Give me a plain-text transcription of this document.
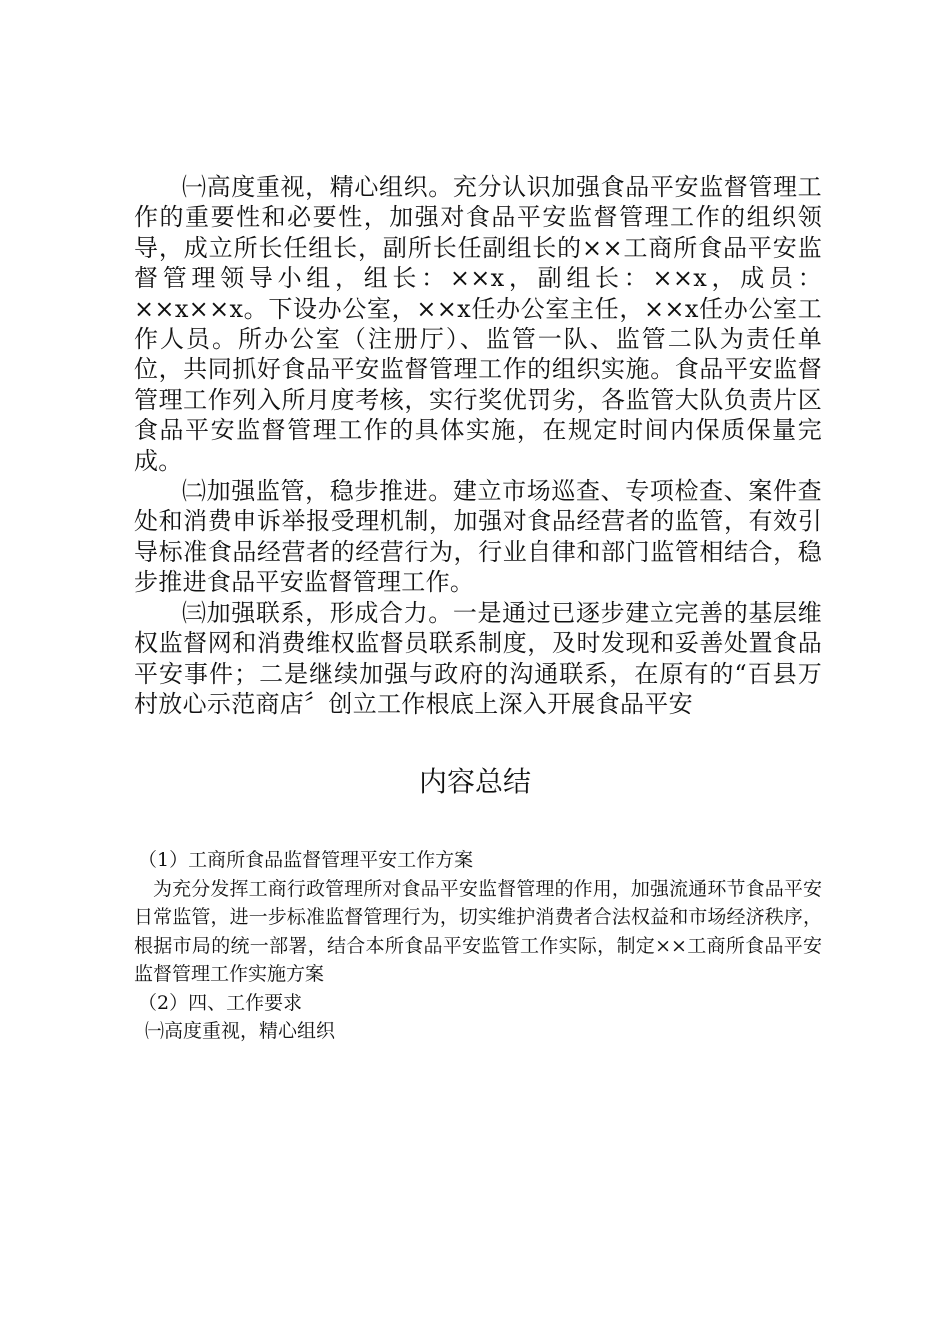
㈠高度重视，精心组织。充分认识加强食品平安监督管理工作的重要性和必要性，加强对食品平安监督管理工作的组织领导，成立所长任组长，副所长任副组长的××工商所食品平安监督管理领导小组，组长：××x，副组长：××x，成员：××x××x。下设办公室，××x任办公室主任，××x任办公室工作人员。所办公室（注册厅）、监管一队、监管二队为责任单位，共同抓好食品平安监督管理工作的组织实施。食品平安监督管理工作列入所月度考核，实行奖优罚劣，各监管大队负责片区食品平安监督管理工作的具体实施，在规定时间内保质保量完成。

㈡加强监管，稳步推进。建立市场巡查、专项检查、案件查处和消费申诉举报受理机制，加强对食品经营者的监管，有效引导标准食品经营者的经营行为，行业自律和部门监管相结合，稳步推进食品平安监督管理工作。

㈢加强联系，形成合力。一是通过已逐步建立完善的基层维权监督网和消费维权监督员联系制度，及时发现和妥善处置食品平安事件；二是继续加强与政府的沟通联系，在原有的“百县万村放心示范商店〞创立工作根底上深入开展食品平安

内容总结

（1）工商所食品监督管理平安工作方案

为充分发挥工商行政管理所对食品平安监督管理的作用，加强流通环节食品平安日常监管，进一步标准监督管理行为，切实维护消费者合法权益和市场经济秩序，根据市局的统一部署，结合本所食品平安监管工作实际，制定××工商所食品平安监督管理工作实施方案

（2）四、工作要求

㈠高度重视，精心组织
